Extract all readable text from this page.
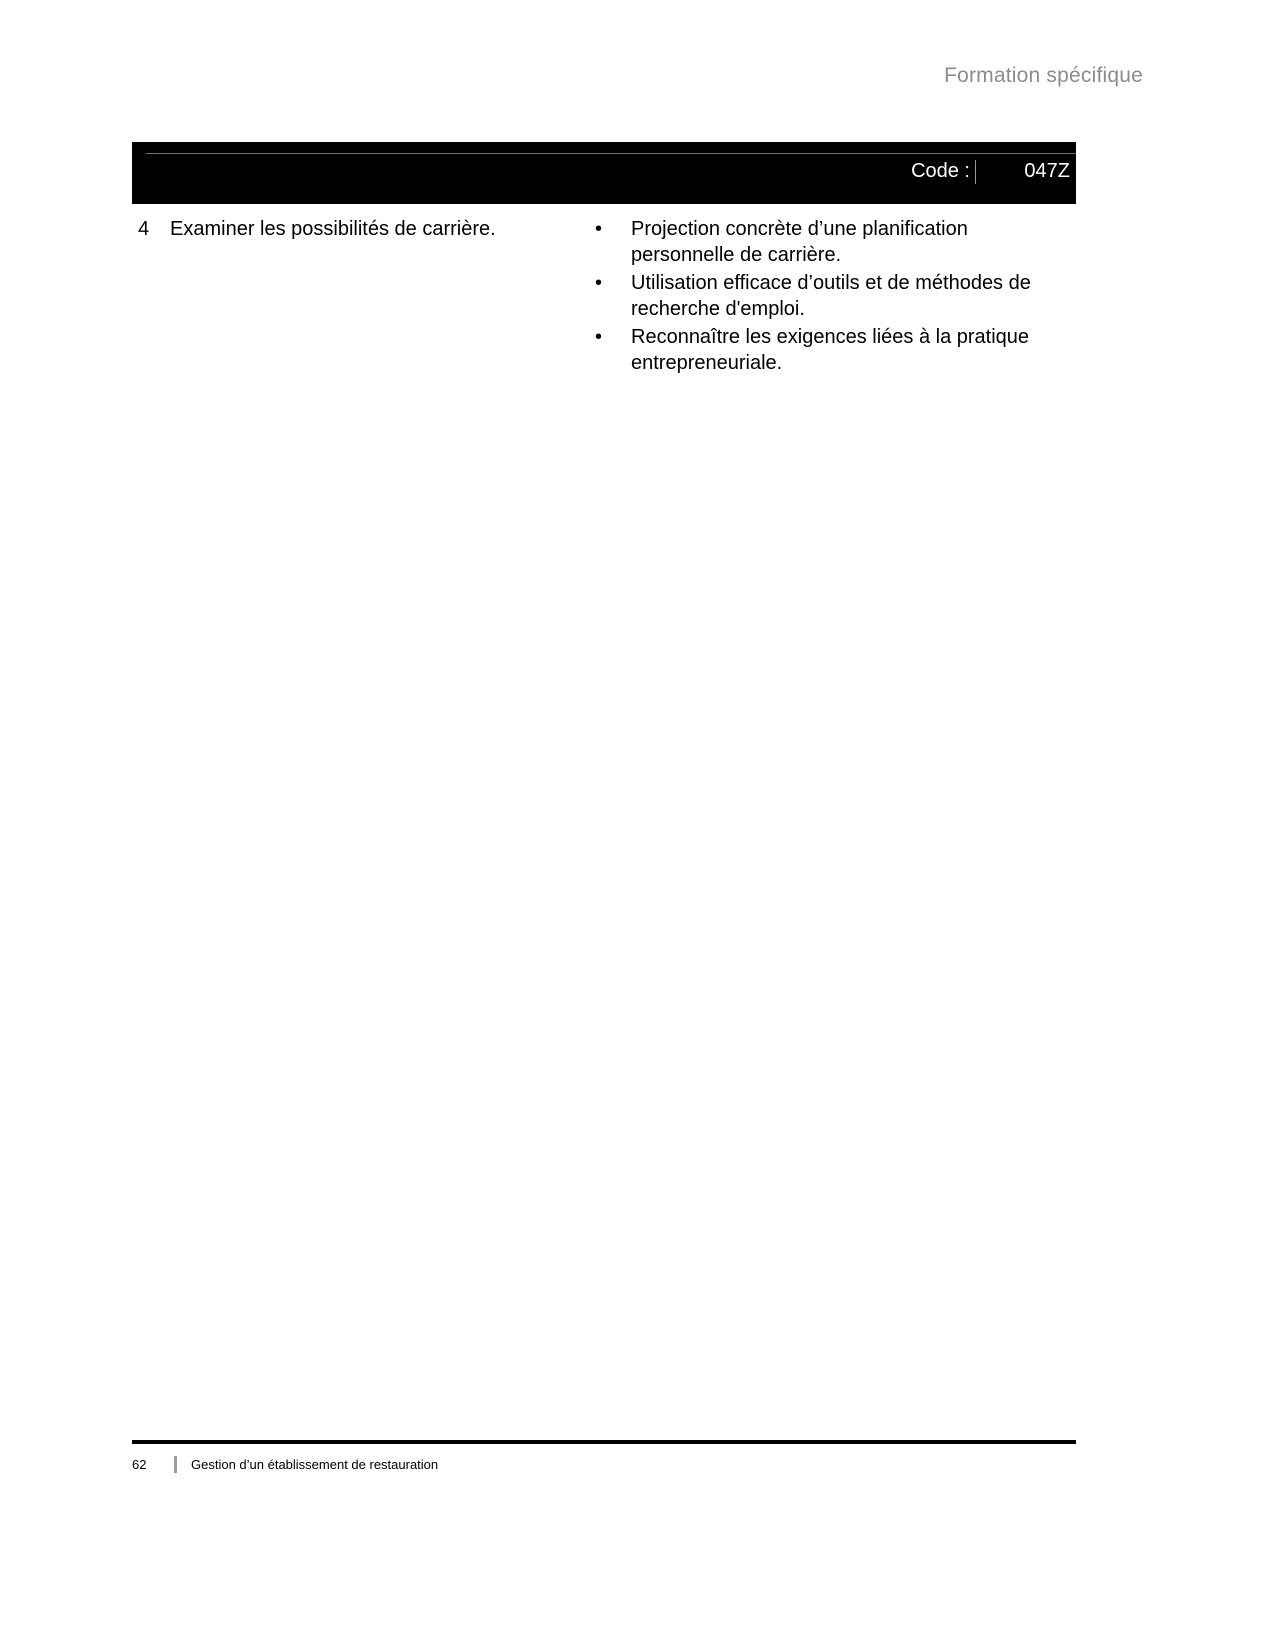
Formation spécifique
Code :	047Z
4	Examiner les possibilités de carrière.	• Projection concrète d’une planification personnelle de carrière.
• Utilisation efficace d’outils et de méthodes de recherche d'emploi.
• Reconnaître les exigences liées à la pratique entrepreneuriale.
62	Gestion d’un établissement de restauration
